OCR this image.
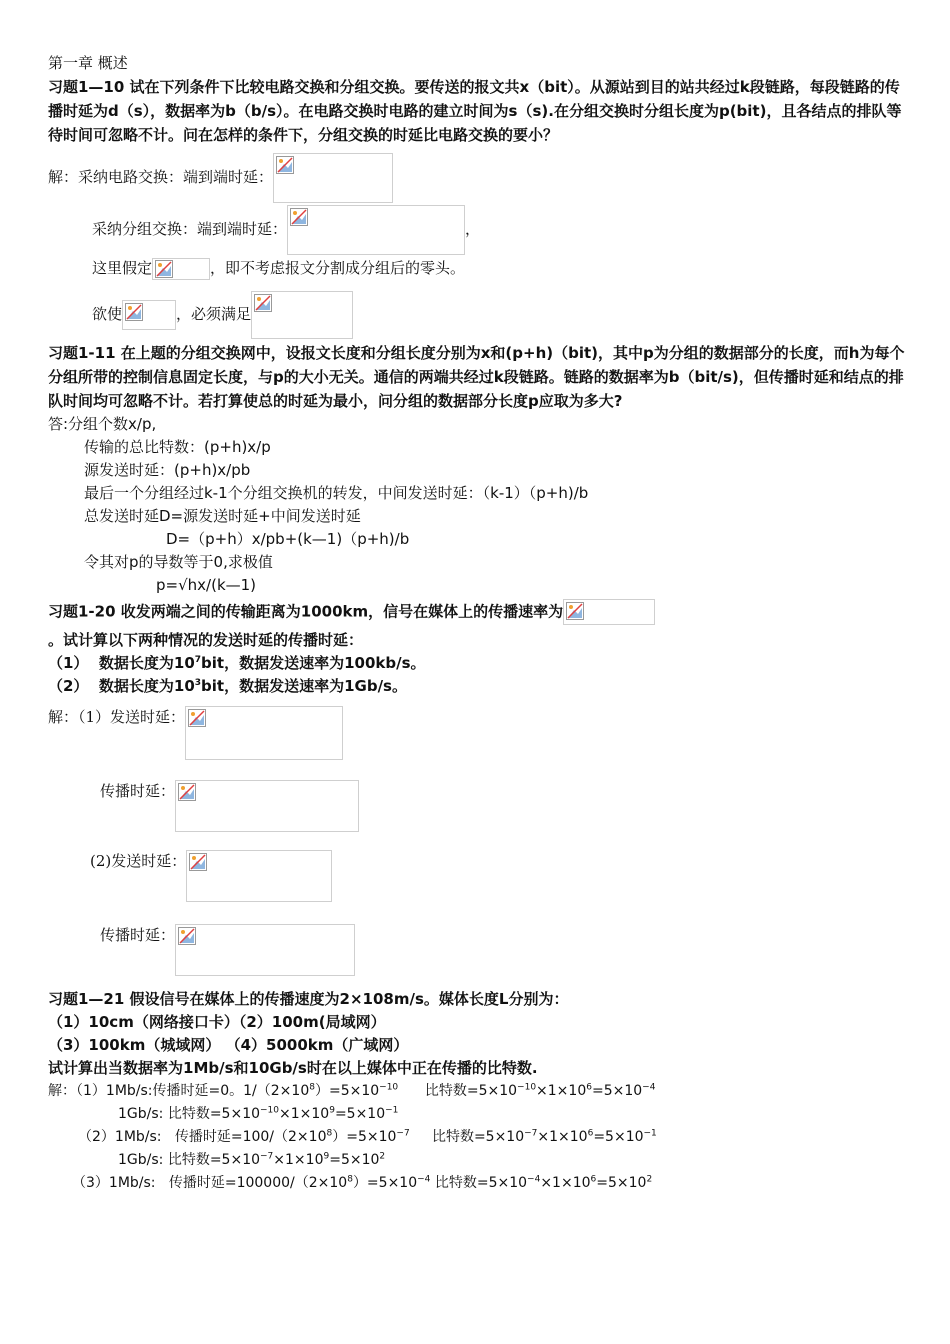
第一章 概述
习题1—10 试在下列条件下比较电路交换和分组交换。要传送的报文共x（bit）。从源站到目的站共经过k段链路，每段链路的传播时延为d（s），数据率为b（b/s）。在电路交换时电路的建立时间为s（s).在分组交换时分组长度为p(bit)，且各结点的排队等待时间可忽略不计。问在怎样的条件下，分组交换的时延比电路交换的要小？
解：采纳电路交换：端到端时延：
采纳分组交换：端到端时延：	，
这里假定	，即不考虑报文分割成分组后的零头。
欲使	，必须满足
习题1-11 在上题的分组交换网中，设报文长度和分组长度分别为x和(p+h)（bit)，其中p为分组的数据部分的长度，而h为每个分组所带的控制信息固定长度，与p的大小无关。通信的两端共经过k段链路。链路的数据率为b（bit/s)，但传播时延和结点的排队时间均可忽略不计。若打算使总的时延为最小，问分组的数据部分长度p应取为多大?
答:分组个数x/p,
传输的总比特数：(p+h)x/p
源发送时延：(p+h)x/pb
最后一个分组经过k-1个分组交换机的转发，中间发送时延：（k-1）（p+h)/b
总发送时延D=源发送时延+中间发送时延
D=（p+h）x/pb+(k—1)（p+h)/b
令其对p的导数等于0,求极值
p=√hx/(k—1)
习题1-20 收发两端之间的传输距离为1000km，信号在媒体上的传播速率为
。试计算以下两种情况的发送时延的传播时延：
（1） 数据长度为$10^7bit$，数据发送速率为100kb/s。
（2） 数据长度为$10^3bit$，数据发送速率为1Gb/s。
解：（1）发送时延：
传播时延：
(2)发送时延：
传播时延：
习题1—21 假设信号在媒体上的传播速度为2×108m/s。媒体长度L分别为：
（1）10cm（网络接口卡）（2）100m(局域网）
（3）100km（城域网） （4）5000km（广域网）
试计算出当数据率为1Mb/s和10Gb/s时在以上媒体中正在传播的比特数.
解：（1）1Mb/s:传播时延=0。$1/(2\times 10^8)=5\times 10^{-10}$      比特数$=5\times 10^{-10}\times 1\times 10^6=5\times 10^{-4}$
1Gb/s: 比特数$=5\times 10^{-10}\times 1\times 10^9=5\times 10^{-1}$
（2）1Mb/s:   传播时延$=100/(2\times 10^8)=5\times 10^{-7}$     比特数$=5\times 10^{-7}\times 1\times 10^6=5\times 10^{-1}$
1Gb/s: 比特数$=5\times 10^{-7}\times 1\times 10^9=5\times 10^2$
（3）1Mb/s:   传播时延$=100000/(2\times 10^8)=5\times 10^{-4}$ 比特数$=5\times 10^{-4}\times 1\times 10^6=5\times 10^2$
